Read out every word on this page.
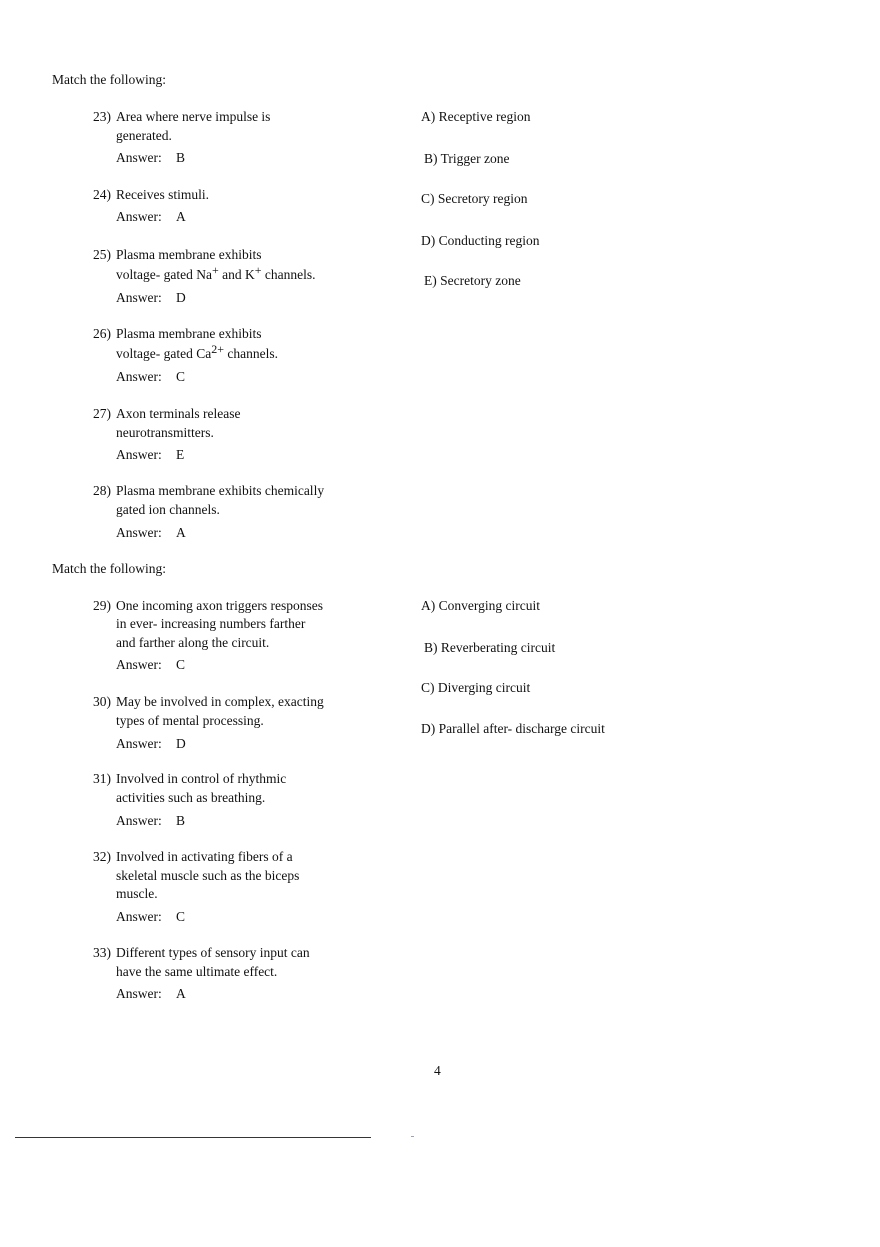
Match the following:
23) Area where nerve impulse is
generated.
Answer: B
24) Receives stimuli.
Answer: A
25) Plasma membrane exhibits
voltage- gated Na+ and K+ channels.
Answer: D
26) Plasma membrane exhibits
voltage- gated $Ca^{2+}$ channels.
Answer: C
27) Axon terminals release
neurotransmitters.
Answer: E
28) Plasma membrane exhibits chemically
gated ion channels.
Answer: A
A) Receptive region
B) Trigger zone
C) Secretory region
D) Conducting region
E) Secretory zone
Match the following:
29) One incoming axon triggers responses
in ever- increasing numbers farther
and farther along the circuit.
Answer: C
30) May be involved in complex, exacting
types of mental processing.
Answer: D
31) Involved in control of rhythmic
activities such as breathing.
Answer: B
32) Involved in activating fibers of a
skeletal muscle such as the biceps
muscle.
Answer: C
33) Different types of sensory input can
have the same ultimate effect.
Answer: A
A) Converging circuit
B) Reverberating circuit
C) Diverging circuit
D) Parallel after- discharge circuit
4
